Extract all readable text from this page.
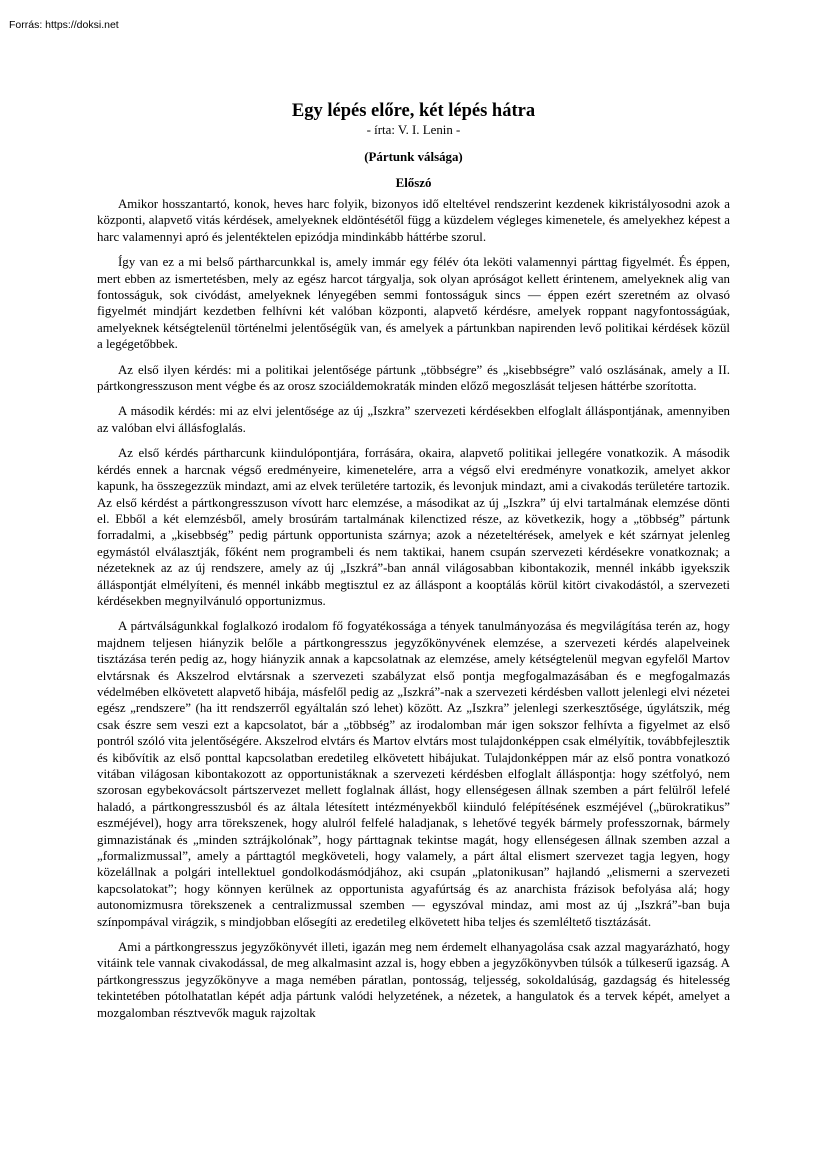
Forrás: https://doksi.net
Egy lépés előre, két lépés hátra

- írta: V. I. Lenin -

(Pártunk válsága)

Előszó

Amikor hosszantartó, konok, heves harc folyik, bizonyos idő elteltével rendszerint kezdenek kikristályosodni azok a központi, alapvető vitás kérdések, amelyeknek eldöntésétől függ a küzdelem végleges kimenetele, és amelyekhez képest a harc valamennyi apró és jelentéktelen epizódja mindinkább háttérbe szorul.

Így van ez a mi belső pártharcunkkal is, amely immár egy félév óta leköti valamennyi párttag figyelmét. És éppen, mert ebben az ismertetésben, mely az egész harcot tárgyalja, sok olyan apróságot kellett érintenem, amelyeknek alig van fontosságuk, sok civódást, amelyeknek lényegében semmi fontosságuk sincs — éppen ezért szeretném az olvasó figyelmét mindjárt kezdetben felhívni két valóban központi, alapvető kérdésre, amelyek roppant nagyfontosságúak, amelyeknek kétségtelenül történelmi jelentőségük van, és amelyek a pártunkban napirenden levő politikai kérdések közül a legégetőbbek.

Az első ilyen kérdés: mi a politikai jelentősége pártunk „többségre” és „kisebbségre” való oszlásának, amely a II. pártkongresszuson ment végbe és az orosz szociáldemokraták minden előző megoszlását teljesen háttérbe szorította.

A második kérdés: mi az elvi jelentősége az új „Iszkra” szervezeti kérdésekben elfoglalt álláspontjának, amennyiben az valóban elvi állásfoglalás.

Az első kérdés pártharcunk kiindulópontjára, forrására, okaira, alapvető politikai jellegére vonatkozik. A második kérdés ennek a harcnak végső eredményeire, kimenetelére, arra a végső elvi eredményre vonatkozik, amelyet akkor kapunk, ha összegezzük mindazt, ami az elvek területére tartozik, és levonjuk mindazt, ami a civakodás területére tartozik. Az első kérdést a pártkongresszuson vívott harc elemzése, a másodikat az új „Iszkra” új elvi tartalmának elemzése dönti el. Ebből a két elemzésből, amely brosúrám tartalmának kilenctized része, az következik, hogy a „többség” pártunk forradalmi, a „kisebbség” pedig pártunk opportunista szárnya; azok a nézeteltérések, amelyek e két szárnyat jelenleg egymástól elválasztják, főként nem programbeli és nem taktikai, hanem csupán szervezeti kérdésekre vonatkoznak; a nézeteknek az az új rendszere, amely az új „Iszkrá”-ban annál világosabban kibontakozik, mennél inkább igyekszik álláspontját elmélyíteni, és mennél inkább megtisztul ez az álláspont a kooptálás körül kitört civakodástól, a szervezeti kérdésekben megnyilvánuló opportunizmus.

A pártválságunkkal foglalkozó irodalom fő fogyatékossága a tények tanulmányozása és megvilágítása terén az, hogy majdnem teljesen hiányzik belőle a pártkongresszus jegyzőkönyvének elemzése, a szervezeti kérdés alapelveinek tisztázása terén pedig az, hogy hiányzik annak a kapcsolatnak az elemzése, amely kétségtelenül megvan egyfelől Martov elvtársnak és Akszelrod elvtársnak a szervezeti szabályzat első pontja megfogalmazásában és e megfogalmazás védelmében elkövetett alapvető hibája, másfelől pedig az „Iszkrá”-nak a szervezeti kérdésben vallott jelenlegi elvi nézetei egész „rendszere” (ha itt rendszerről egyáltalán szó lehet) között. Az „Iszkra” jelenlegi szerkesztősége, úgylátszik, még csak észre sem veszi ezt a kapcsolatot, bár a „többség” az irodalomban már igen sokszor felhívta a figyelmet az első pontról szóló vita jelentőségére. Akszelrod elvtárs és Martov elvtárs most tulajdonképpen csak elmélyítik, továbbfejlesztik és kibővítik az első ponttal kapcsolatban eredetileg elkövetett hibájukat. Tulajdonképpen már az első pontra vonatkozó vitában világosan kibontakozott az opportunistáknak a szervezeti kérdésben elfoglalt álláspontja: hogy szétfolyó, nem szorosan egybekovácsolt pártszervezet mellett foglalnak állást, hogy ellenségesen állnak szemben a párt felülről lefelé haladó, a pártkongresszusból és az általa létesített intézményekből kiinduló felépítésének eszméjével („bürokratikus” eszméjével), hogy arra törekszenek, hogy alulról felfelé haladjanak, s lehetővé tegyék bármely professzornak, bármely gimnazistának és „minden sztrájkolónak”, hogy párttagnak tekintse magát, hogy ellenségesen állnak szemben azzal a „formalizmussal”, amely a párttagtól megköveteli, hogy valamely, a párt által elismert szervezet tagja legyen, hogy közelállnak a polgári intellektuel gondolkodásmódjához, aki csupán „platonikusan” hajlandó „elismerni a szervezeti kapcsolatokat”; hogy könnyen kerülnek az opportunista agyafúrtság és az anarchista frázisok befolyása alá; hogy autonomizmusra törekszenek a centralizmussal szemben — egyszóval mindaz, ami most az új „Iszkrá”-ban buja színpompával virágzik, s mindjobban elősegíti az eredetileg elkövetett hiba teljes és szemléltető tisztázását.

Ami a pártkongresszus jegyzőkönyvét illeti, igazán meg nem érdemelt elhanyagolása csak azzal magyarázható, hogy vitáink tele vannak civakodással, de meg alkalmasint azzal is, hogy ebben a jegyzőkönyvben túlsók a túlkeserű igazság. A pártkongresszus jegyzőkönyve a maga nemében páratlan, pontosság, teljesség, sokoldalúság, gazdagság és hitelesség tekintetében pótolhatatlan képét adja pártunk valódi helyzetének, a nézetek, a hangulatok és a tervek képét, amelyet a mozgalomban résztvevők maguk rajzoltak
